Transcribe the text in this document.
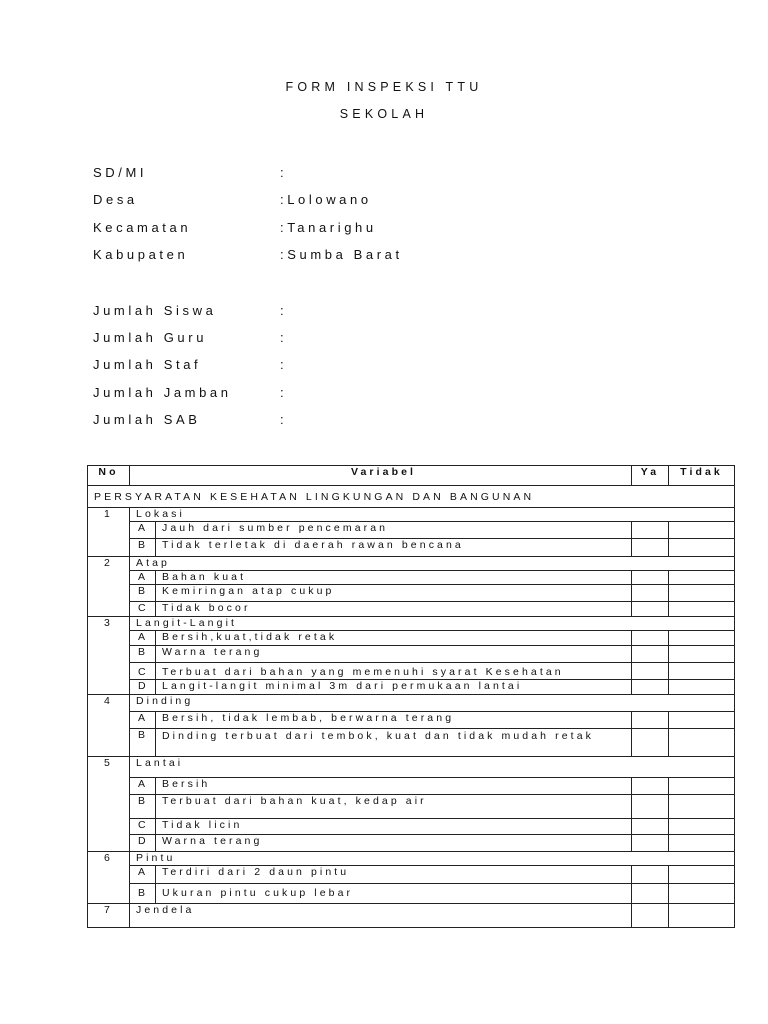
FORM INSPEKSI TTU
SEKOLAH
SD/MI	:
Desa	:Lolowano
Kecamatan	:Tanarighu
Kabupaten	:Sumba Barat
Jumlah Siswa	:
Jumlah Guru	:
Jumlah Staf	:
Jumlah Jamban	:
Jumlah SAB	:
No	Variabel		Ya	Tidak
PERSYARATAN KESEHATAN LINGKUNGAN DAN BANGUNAN				
1	Lokasi			
	A	Jauh dari sumber pencemaran		
	B	Tidak terletak di daerah rawan bencana		
2	Atap			
	A	Bahan kuat		
	B	Kemiringan atap cukup		
	C	Tidak bocor		
3	Langit-Langit			
	A	Bersih,kuat,tidak retak		
	B	Warna terang		
	C	Terbuat dari bahan yang memenuhi syarat Kesehatan		
	D	Langit-langit minimal 3m dari permukaan lantai		
4	Dinding			
	A	Bersih, tidak lembab, berwarna terang		
	B	Dinding terbuat dari tembok, kuat dan tidak mudah retak		
5	Lantai			
	A	Bersih		
	B	Terbuat dari bahan kuat, kedap air		
	C	Tidak licin		
	D	Warna terang		
6	Pintu			
	A	Terdiri dari 2 daun pintu		
	B	Ukuran pintu cukup lebar		
7	Jendela			
